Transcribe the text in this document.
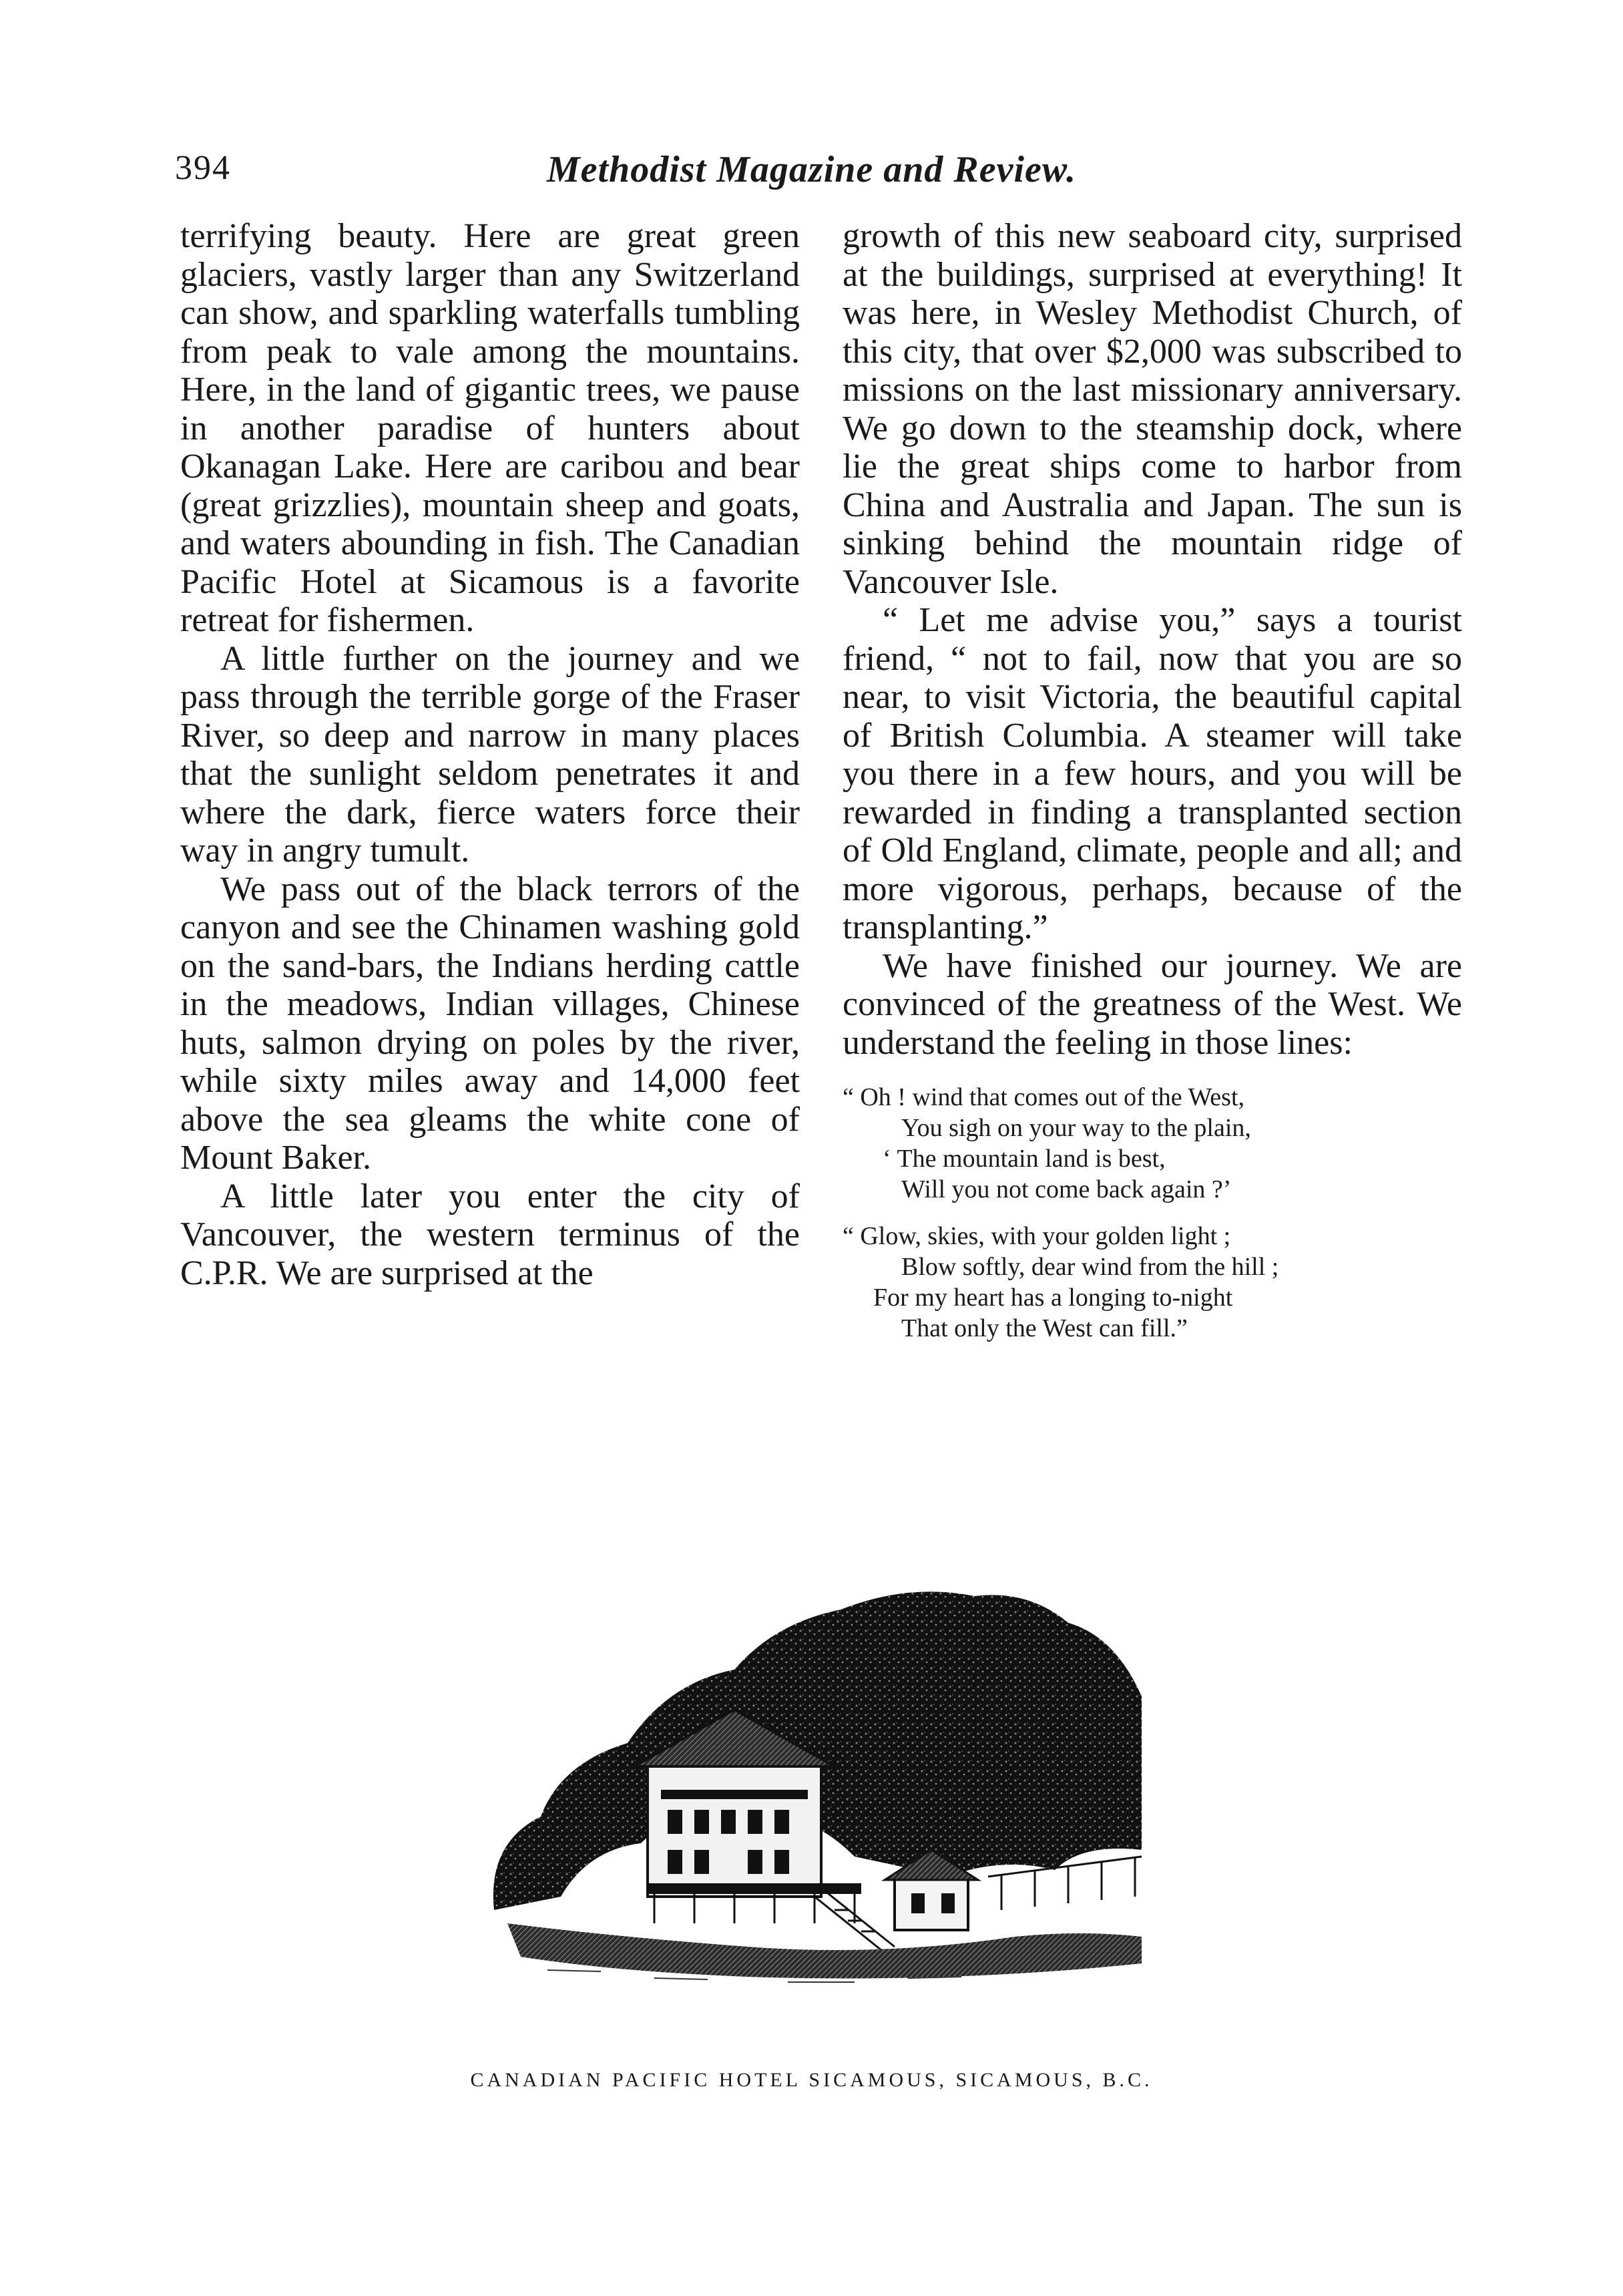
394	Methodist Magazine and Review.

terrifying beauty. Here are great green glaciers, vastly larger than any Switzerland can show, and sparkling waterfalls tumbling from peak to vale among the mountains. Here, in the land of gigantic trees, we pause in another paradise of hunters about Okanagan Lake. Here are caribou and bear (great grizzlies), mountain sheep and goats, and waters abounding in fish. The Canadian Pacific Hotel at Sicamous is a favorite retreat for fishermen.

A little further on the journey and we pass through the terrible gorge of the Fraser River, so deep and narrow in many places that the sunlight seldom penetrates it and where the dark, fierce waters force their way in angry tumult.

We pass out of the black terrors of the canyon and see the Chinamen washing gold on the sand-bars, the Indians herding cattle in the meadows, Indian villages, Chinese huts, salmon drying on poles by the river, while sixty miles away and 14,000 feet above the sea gleams the white cone of Mount Baker.

A little later you enter the city of Vancouver, the western terminus of the C.P.R. We are surprised at the

growth of this new seaboard city, surprised at the buildings, surprised at everything! It was here, in Wesley Methodist Church, of this city, that over $2,000 was subscribed to missions on the last missionary anniversary. We go down to the steamship dock, where lie the great ships come to harbor from China and Australia and Japan. The sun is sinking behind the mountain ridge of Vancouver Isle.

“ Let me advise you,” says a tourist friend, “ not to fail, now that you are so near, to visit Victoria, the beautiful capital of British Columbia. A steamer will take you there in a few hours, and you will be rewarded in finding a transplanted section of Old England, climate, people and all; and more vigorous, perhaps, because of the transplanting.”

We have finished our journey. We are convinced of the greatness of the West. We understand the feeling in those lines:

“ Oh ! wind that comes out of the West,

You sigh on your way to the plain,

‘ The mountain land is best,

Will you not come back again ?’

“ Glow, skies, with your golden light ;

Blow softly, dear wind from the hill ;

For my heart has a longing to-night

That only the West can fill.”

CANADIAN PACIFIC HOTEL SICAMOUS, SICAMOUS, B.C.
